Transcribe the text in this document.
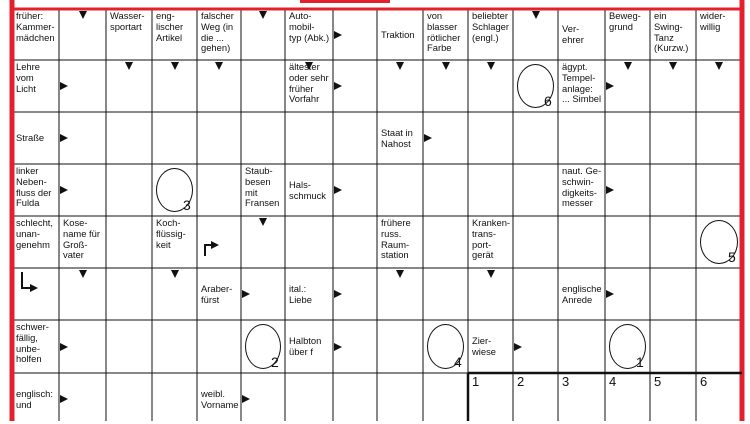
früher:
Kammer-
mädchen
Wasser-
sportart
eng-
lischer
Artikel
falscher
Weg (in
die ...
gehen)
Auto-
mobil-
typ (Abk.)	Traktion
von
blasser
rötlicher
Farbe
beliebter
Schlager
(engl.)
Ver-
ehrer
Beweg-
grund
ein
Swing-
Tanz
(Kurzw.)
wider-
willig
Lehre
vom Licht
ältester
oder sehr
früher
Vorfahr
ägypt.
Tempel-
anlage:
... Simbel
Straße	Staat in
Nahost
linker
Neben-
fluss der
Fulda
Staub-
besen
mit
Fransen
Hals-
schmuck
naut. Ge-
schwin-
digkeits-
messer
schlecht,
unan-
genehm
Kose-
name für
Groß-
vater
Koch-
flüssig-
keit
frühere
russ.
Raum-
station
Kranken-
trans-
port-
gerät
Araber-
fürst
ital.:
Liebe
englische
Anrede
schwer-
fällig,
unbe-
holfen
Halbton
über f
Zier-
wiese
englisch:
und
weibl.
Vorname
6
3
5
2	4	1
1	2	3	4	5	6
